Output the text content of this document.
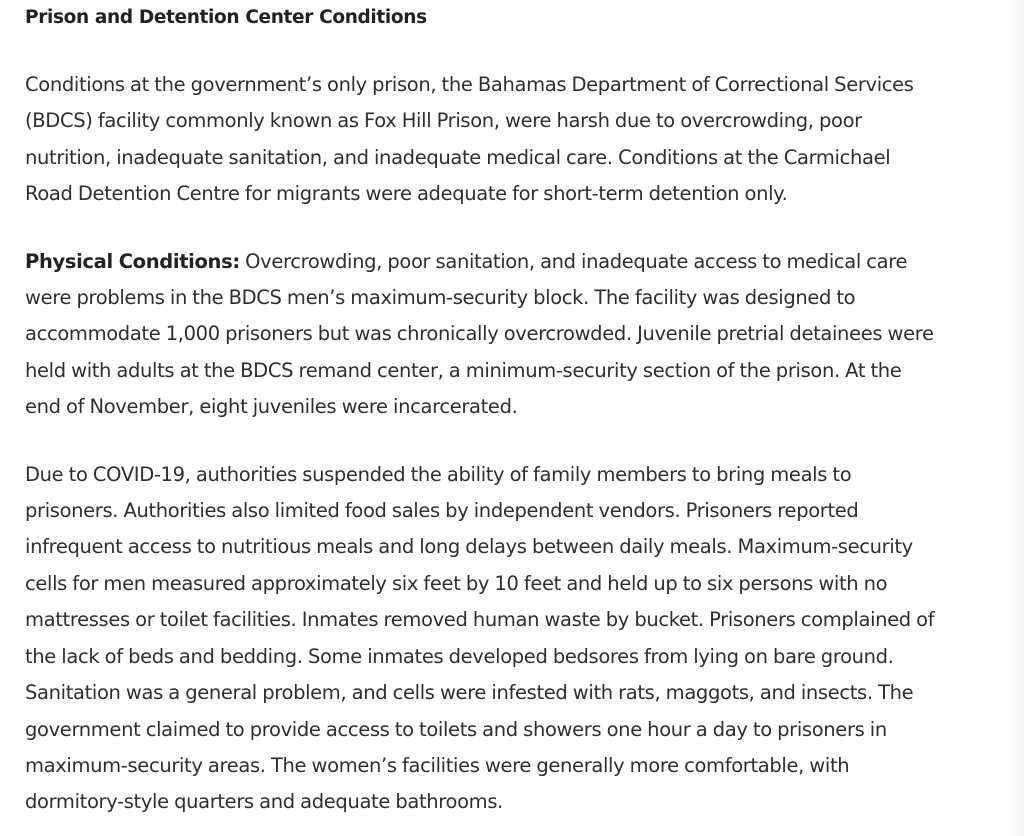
Prison and Detention Center Conditions

Conditions at the government’s only prison, the Bahamas Department of Correctional Services
(BDCS) facility commonly known as Fox Hill Prison, were harsh due to overcrowding, poor
nutrition, inadequate sanitation, and inadequate medical care. Conditions at the Carmichael
Road Detention Centre for migrants were adequate for short-term detention only.

Physical Conditions: Overcrowding, poor sanitation, and inadequate access to medical care
were problems in the BDCS men’s maximum-security block. The facility was designed to
accommodate 1,000 prisoners but was chronically overcrowded. Juvenile pretrial detainees were
held with adults at the BDCS remand center, a minimum-security section of the prison. At the
end of November, eight juveniles were incarcerated.

Due to COVID-19, authorities suspended the ability of family members to bring meals to
prisoners. Authorities also limited food sales by independent vendors. Prisoners reported
infrequent access to nutritious meals and long delays between daily meals. Maximum-security
cells for men measured approximately six feet by 10 feet and held up to six persons with no
mattresses or toilet facilities. Inmates removed human waste by bucket. Prisoners complained of
the lack of beds and bedding. Some inmates developed bedsores from lying on bare ground.
Sanitation was a general problem, and cells were infested with rats, maggots, and insects. The
government claimed to provide access to toilets and showers one hour a day to prisoners in
maximum-security areas. The women’s facilities were generally more comfortable, with
dormitory-style quarters and adequate bathrooms.
